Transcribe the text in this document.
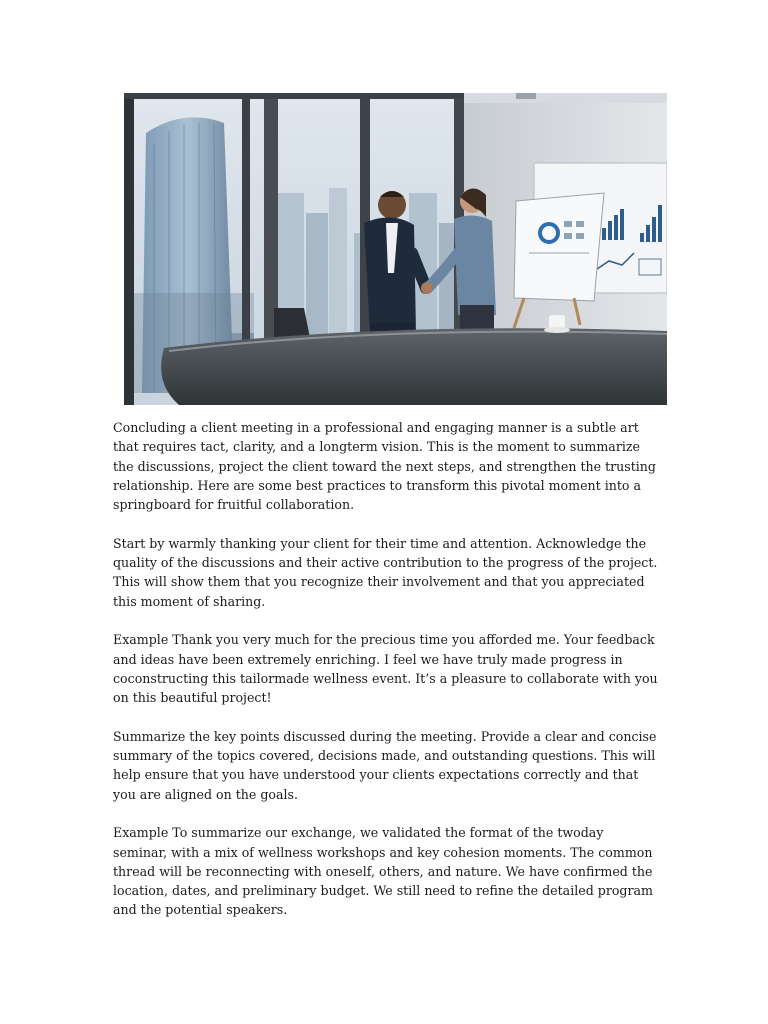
Concluding a client meeting in a professional and engaging manner is a subtle art that requires tact, clarity, and a longterm vision. This is the moment to summarize the discussions, project the client toward the next steps, and strengthen the trusting relationship. Here are some best practices to transform this pivotal moment into a springboard for fruitful collaboration.

Start by warmly thanking your client for their time and attention. Acknowledge the quality of the discussions and their active contribution to the progress of the project. This will show them that you recognize their involvement and that you appreciated this moment of sharing.

Example Thank you very much for the precious time you afforded me. Your feedback and ideas have been extremely enriching. I feel we have truly made progress in coconstructing this tailormade wellness event. It’s a pleasure to collaborate with you on this beautiful project!

Summarize the key points discussed during the meeting. Provide a clear and concise summary of the topics covered, decisions made, and outstanding questions. This will help ensure that you have understood your clients expectations correctly and that you are aligned on the goals.

Example To summarize our exchange, we validated the format of the twoday seminar, with a mix of wellness workshops and key cohesion moments. The common thread will be reconnecting with oneself, others, and nature. We have confirmed the location, dates, and preliminary budget. We still need to refine the detailed program and the potential speakers.
